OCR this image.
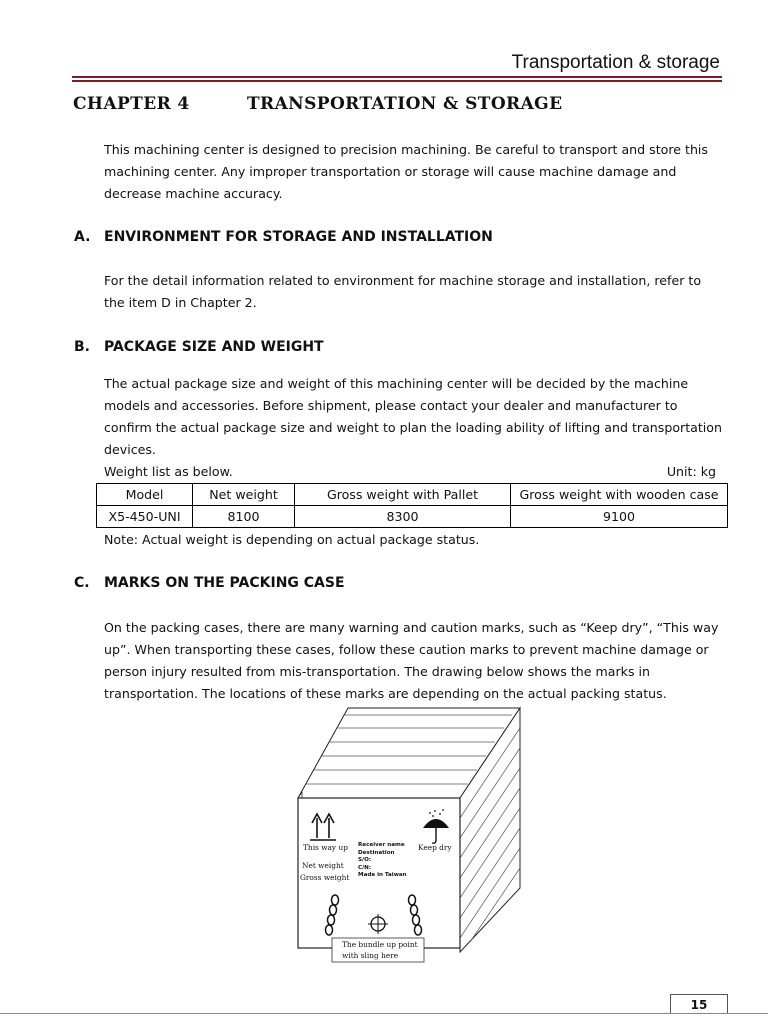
Transportation & storage
CHAPTER 4	TRANSPORTATION & STORAGE

This machining center is designed to precision machining. Be careful to transport and store this machining center. Any improper transportation or storage will cause machine damage and decrease machine accuracy.

A. ENVIRONMENT FOR STORAGE AND INSTALLATION

For the detail information related to environment for machine storage and installation, refer to the item D in Chapter 2.

B. PACKAGE SIZE AND WEIGHT

The actual package size and weight of this machining center will be decided by the machine models and accessories. Before shipment, please contact your dealer and manufacturer to confirm the actual package size and weight to plan the loading ability of lifting and transportation devices.

Weight list as below.	Unit: kg
Model	Net weight	Gross weight with Pallet	Gross weight with wooden case
X5-450-UNI	8100	8300	9100
Note: Actual weight is depending on actual package status.
C. MARKS ON THE PACKING CASE

On the packing cases, there are many warning and caution marks, such as “Keep dry”, “This way up”. When transporting these cases, follow these caution marks to prevent machine damage or person injury resulted from mis-transportation. The drawing below shows the marks in transportation. The locations of these marks are depending on the actual packing status.

This way up	Keep dry
Net weight
Gross weight
Receiver name
Destination
S/O:
C/N:
Made in Taiwan
The bundle up point
with sling here
15
